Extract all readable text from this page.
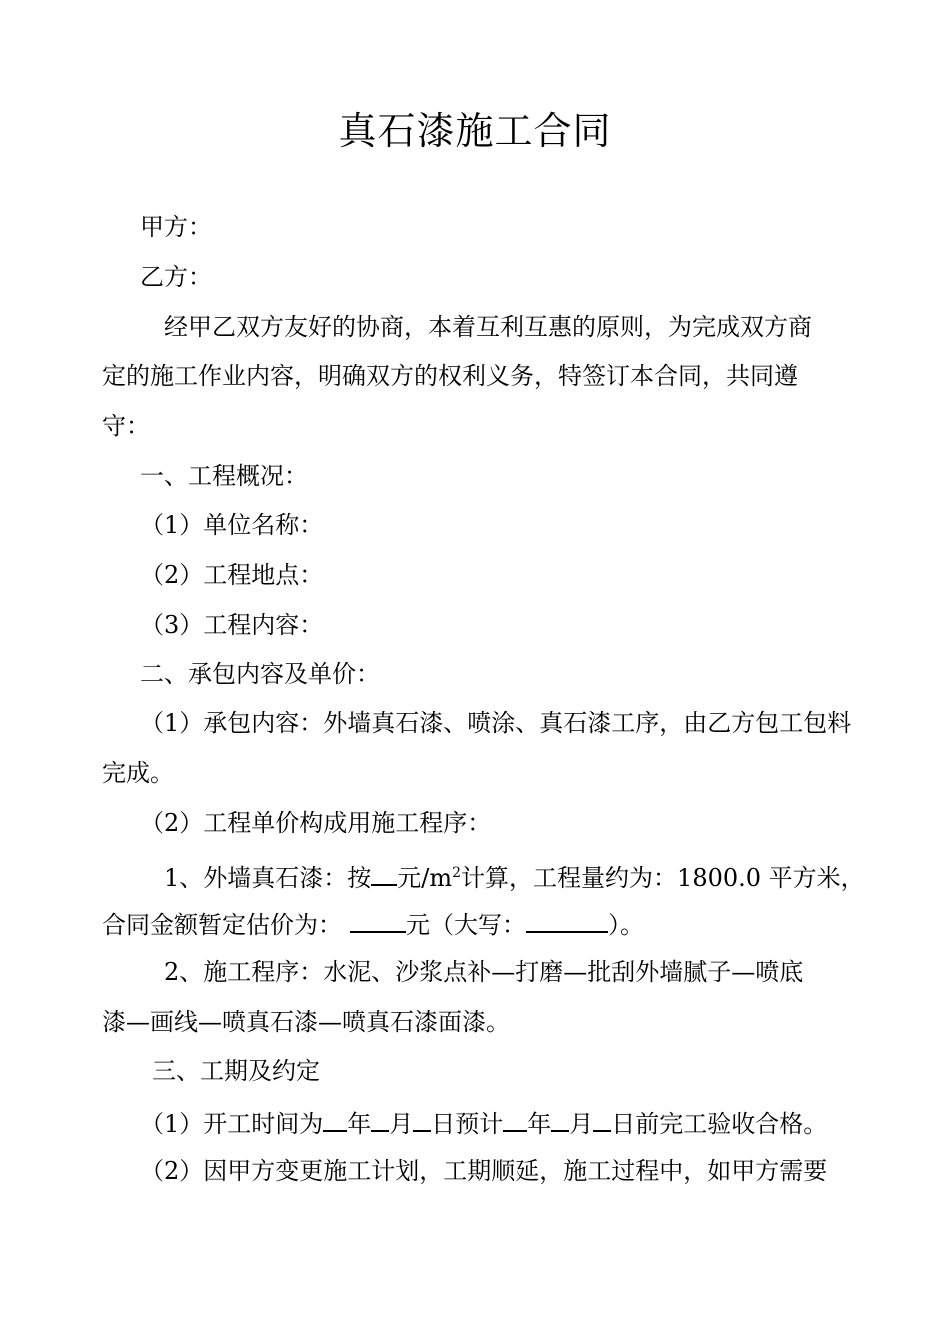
真石漆施工合同
甲方：
乙方：
经甲乙双方友好的协商，本着互利互惠的原则，为完成双方商
定的施工作业内容，明确双方的权利义务，特签订本合同，共同遵
守：
一、工程概况：
（1）单位名称：
（2）工程地点：
（3）工程内容：
二、承包内容及单价：
（1）承包内容：外墙真石漆、喷涂、真石漆工序，由乙方包工包料
完成。
（2）工程单价构成用施工程序：
1、外墙真石漆：按 元$/m^2$计算，工程量约为：1800.0 平方米，
合同金额暂定估价为：	元（大写：	）。
2、施工程序：水泥、沙浆点补—打磨—批刮外墙腻子—喷底
漆—画线—喷真石漆—喷真石漆面漆。
三、工期及约定
（1）开工时间为 年 月 日预计 年 月 日前完工验收合格。
（2）因甲方变更施工计划，工期顺延，施工过程中，如甲方需要
